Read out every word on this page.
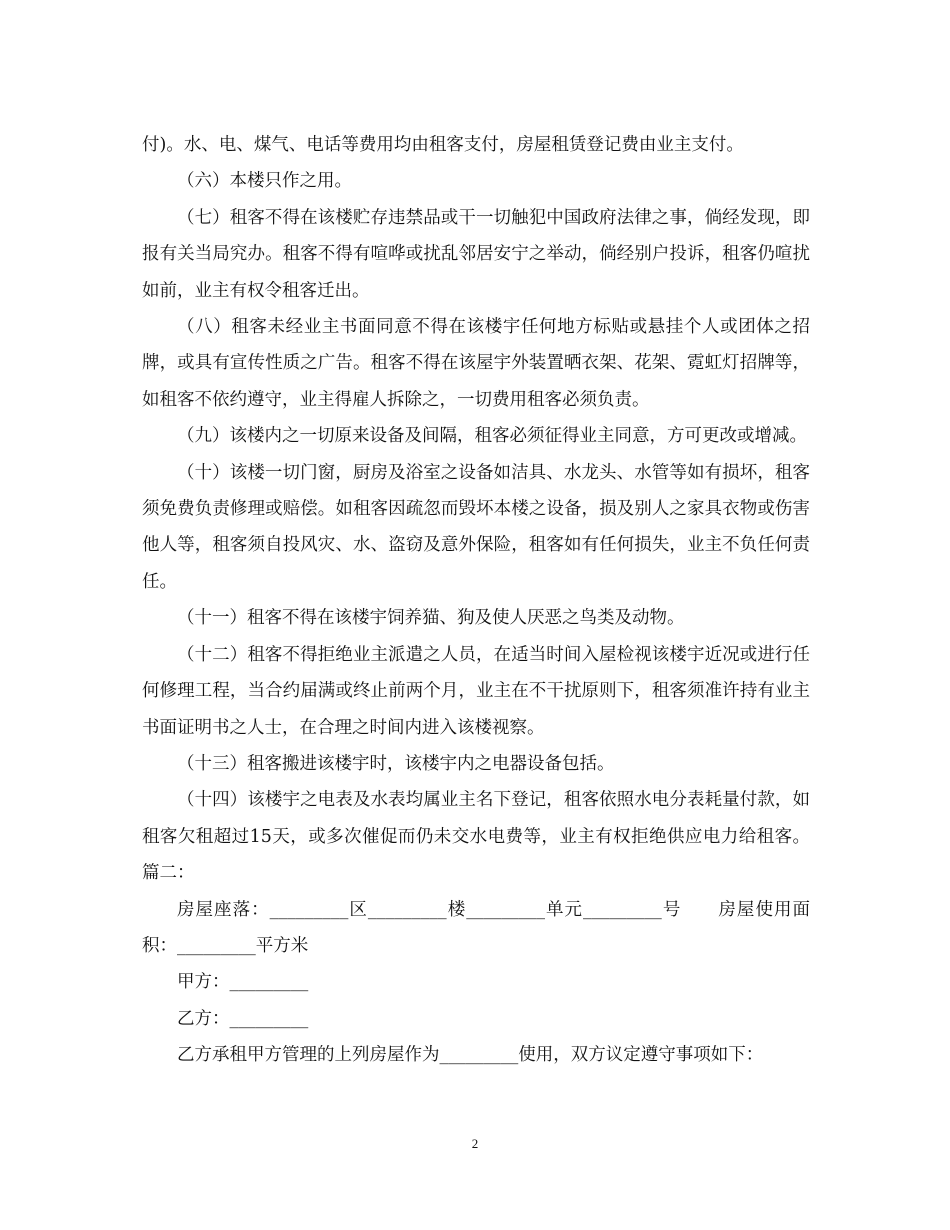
付)。水、电、煤气、电话等费用均由租客支付，房屋租赁登记费由业主支付。

（六）本楼只作之用。

（七）租客不得在该楼贮存违禁品或干一切触犯中国政府法律之事，倘经发现，即报有关当局究办。租客不得有喧哗或扰乱邻居安宁之举动，倘经别户投诉，租客仍喧扰如前，业主有权令租客迁出。

（八）租客未经业主书面同意不得在该楼宇任何地方标贴或悬挂个人或团体之招牌，或具有宣传性质之广告。租客不得在该屋宇外装置晒衣架、花架、霓虹灯招牌等，如租客不依约遵守，业主得雇人拆除之，一切费用租客必须负责。

（九）该楼内之一切原来设备及间隔，租客必须征得业主同意，方可更改或增减。

（十）该楼一切门窗，厨房及浴室之设备如洁具、水龙头、水管等如有损坏，租客须免费负责修理或赔偿。如租客因疏忽而毁坏本楼之设备，损及别人之家具衣物或伤害他人等，租客须自投风灾、水、盗窃及意外保险，租客如有任何损失，业主不负任何责任。

（十一）租客不得在该楼宇饲养猫、狗及使人厌恶之鸟类及动物。

（十二）租客不得拒绝业主派遣之人员，在适当时间入屋检视该楼宇近况或进行任何修理工程，当合约届满或终止前两个月，业主在不干扰原则下，租客须准许持有业主书面证明书之人士，在合理之时间内进入该楼视察。

（十三）租客搬进该楼宇时，该楼宇内之电器设备包括。

（十四）该楼宇之电表及水表均属业主名下登记，租客依照水电分表耗量付款，如租客欠租超过15天，或多次催促而仍未交水电费等，业主有权拒绝供应电力给租客。篇二：

房屋座落：_________区_________楼_________单元_________号　　房屋使用面积：_________平方米

甲方：_________

乙方：_________

乙方承租甲方管理的上列房屋作为_________使用，双方议定遵守事项如下：

2
